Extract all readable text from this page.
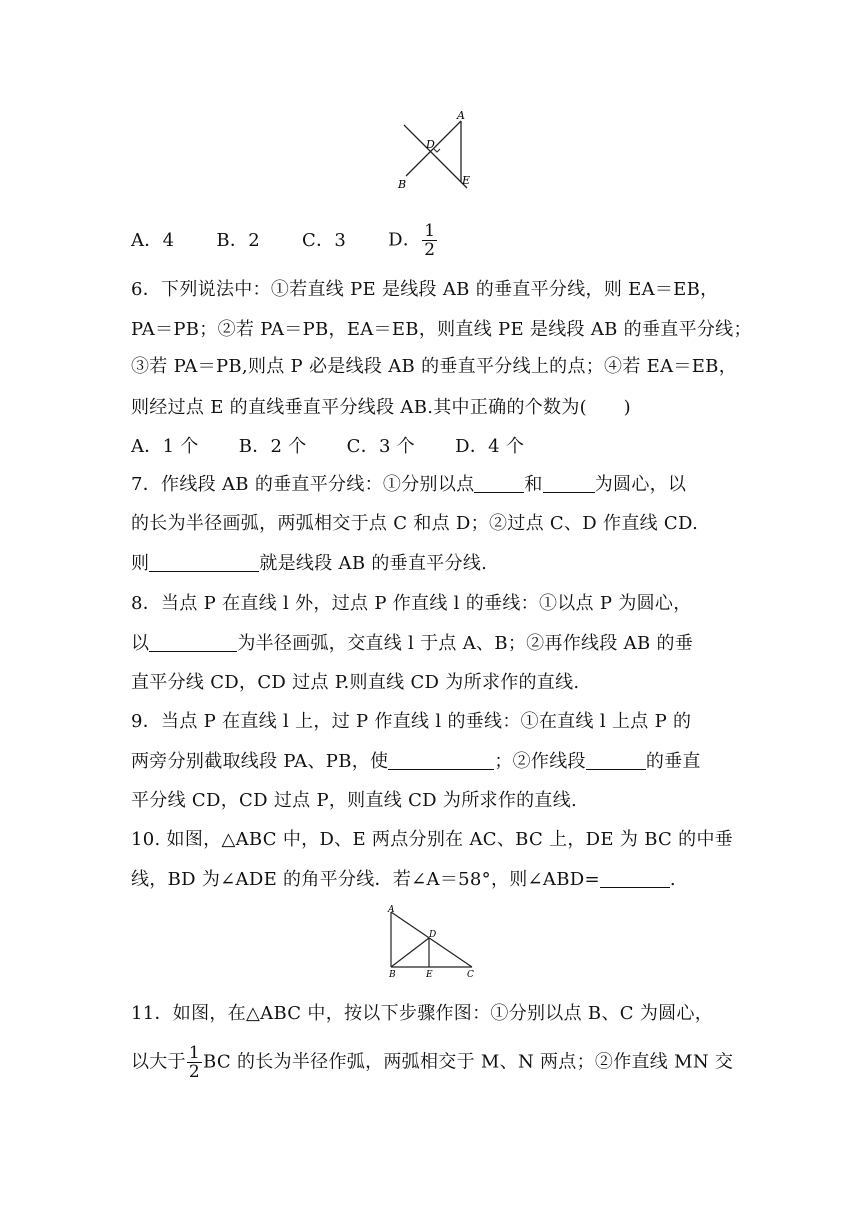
A
B
D
E
A．4 B．2 C．3 D． $\frac{1}{2}$
6．下列说法中：①若直线 PE 是线段 AB 的垂直平分线，则 EA＝EB，
PA＝PB；②若 PA＝PB，EA＝EB，则直线 PE 是线段 AB 的垂直平分线；
③若 PA＝PB,则点 P 必是线段 AB 的垂直平分线上的点；④若 EA＝EB，
则经过点 E 的直线垂直平分线段 AB.其中正确的个数为(　　)
A．1 个 B．2 个 C．3 个 D．4 个
7．作线段 AB 的垂直平分线：①分别以点	和	为圆心，以
的长为半径画弧，两弧相交于点 C 和点 D；②过点 C、D 作直线 CD.
则	就是线段 AB 的垂直平分线.
8．当点 P 在直线 l 外，过点 P 作直线 l 的垂线：①以点 P 为圆心，
以	为半径画弧，交直线 l 于点 A、B；②再作线段 AB 的垂
直平分线 CD，CD 过点 P.则直线 CD 为所求作的直线.
9．当点 P 在直线 l 上，过 P 作直线 l 的垂线：①在直线 l 上点 P 的
两旁分别截取线段 PA、PB，使	；②作线段	的垂直
平分线 CD，CD 过点 P，则直线 CD 为所求作的直线.
10. 如图，△ABC 中，D、E 两点分别在 AC、BC 上，DE 为 BC 的中垂
线，BD 为∠ADE 的角平分线．若∠A＝58°，则∠ABD=	.
A
B	C
D
E
11．如图，在△ABC 中，按以下步骤作图：①分别以点 B、C 为圆心，
以大于 $\frac{1}{2}$ BC 的长为半径作弧，两弧相交于 M、N 两点；②作直线 MN 交
